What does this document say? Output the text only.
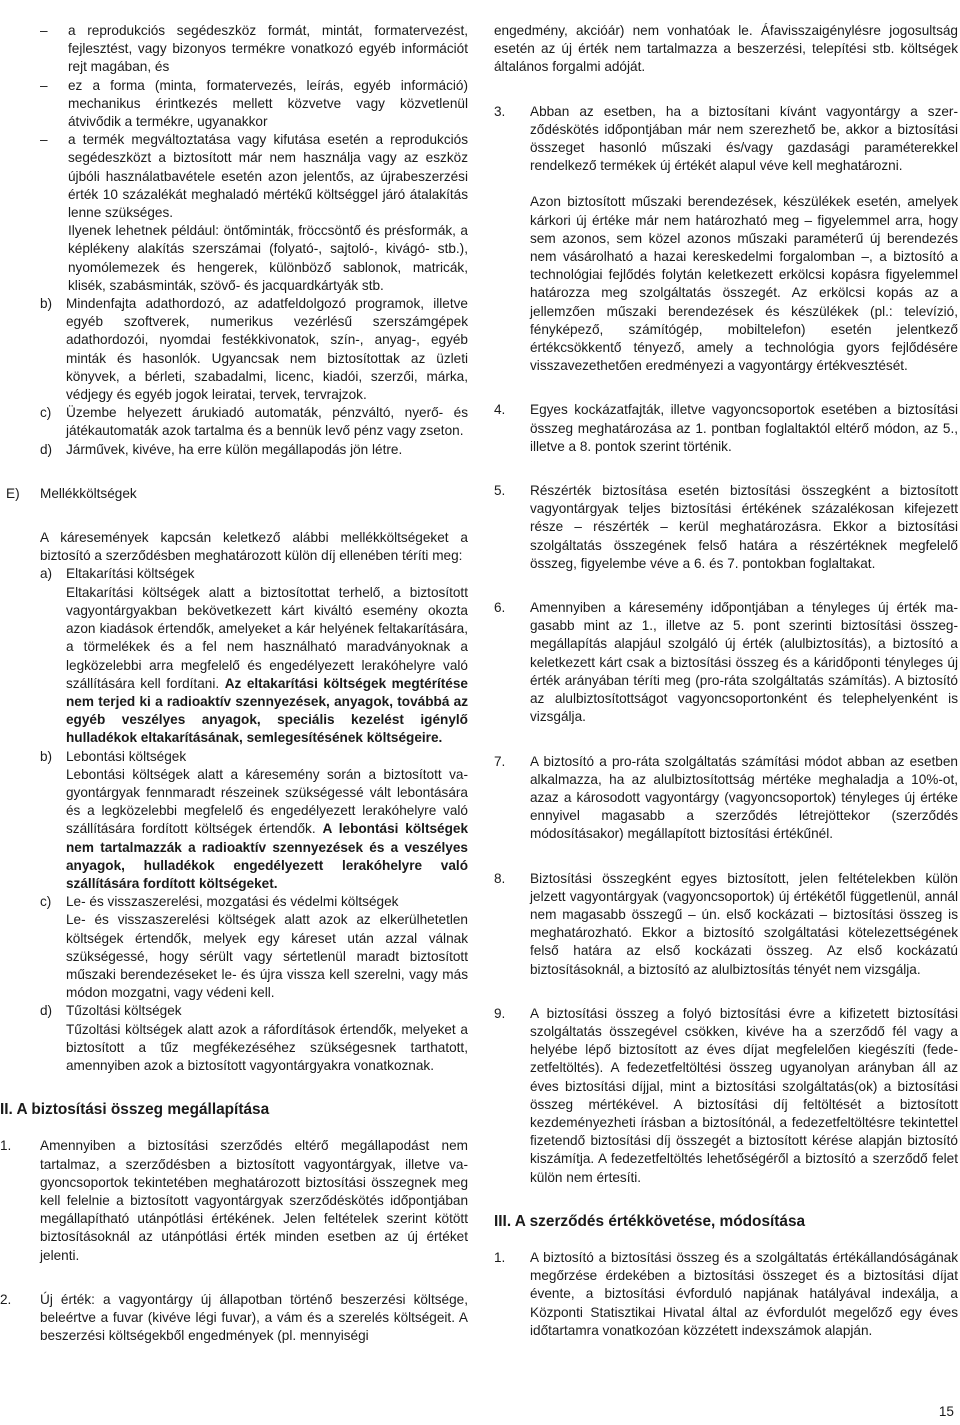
– a reprodukciós segédeszköz formát, mintát, formatervezést, fejlesztést, vagy bizonyos termékre vonatkozó egyéb információt rejt magában, és

– ez a forma (minta, formatervezés, leírás, egyéb információ) mechanikus érintkezés mellett közvetve vagy közvetlenül átvivődik a termékre, ugyanakkor

– a termék megváltoztatása vagy kifutása esetén a reprodukciós segédeszközt a biztosított már nem használja vagy az eszköz újbóli használatbavétele esetén azon jelentős, az újrabeszerzési érték 10 százalékát meghaladó mértékű költséggel járó átalakítás lenne szükséges.

Ilyenek lehetnek például: öntőminták, fröccsöntő és présformák, a képlékeny alakítás szerszámai (folyató-, sajtoló-, kivágó- stb.), nyomólemezek és hengerek, különböző sablonok, matricák, klisék, szabásminták, szövő- és jacquardkártyák stb.

b) Mindenfajta adathordozó, az adatfeldolgozó programok, illetve egyéb szoftverek, numerikus vezérlésű szerszámgépek adathordozói, nyomdai festékkivonatok, szín-, anyag-, egyéb minták és hasonlók. Ugyancsak nem biztosítottak az üzleti könyvek, a bérleti, szabadalmi, licenc, kiadói, szerzői, márka, védjegy és egyéb jogok leiratai, tervek, tervrajzok.

c) Üzembe helyezett árukiadó automaták, pénzváltó, nyerő- és játékautomaták azok tartalma és a bennük levő pénz vagy zseton.

d) Járművek, kivéve, ha erre külön megállapodás jön létre.

E)	Mellékköltségek

A káresemények kapcsán keletkező alábbi mellékköltségeket a biztosító a szerződésben meghatározott külön díj ellenében téríti meg:

a) Eltakarítási költségek

Eltakarítási költségek alatt a biztosítottat terhelő, a biztosított vagyontárgyakban bekövetkezett kárt kiváltó esemény okozta azon kiadások értendők, amelyeket a kár helyének feltakarítására, a törmelékek és a fel nem használható maradványoknak a legközelebbi arra megfelelő és engedélyezett lerakóhelyre való szállítására kell fordítani. Az eltakarítási költségek megtérítése nem terjed ki a radioaktív szennyezések, anyagok, továbbá az egyéb veszélyes anyagok, speciális kezelést igénylő hulladékok eltakarításának, semlegesítésének költségeire.

b) Lebontási költségek

Lebontási költségek alatt a káresemény során a biztosított vagyontárgyak fennmaradt részeinek szükségessé vált lebontására és a legközelebbi megfelelő és engedélyezett lerakóhelyre való szállítására fordított költségek értendők. A lebontási költségek nem tartalmazzák a radioaktív szennyezések és a veszélyes anyagok, hulladékok engedélyezett lerakóhelyre való szállítására fordított költségeket.

c) Le- és visszaszerelési, mozgatási és védelmi költségek

Le- és visszaszerelési költségek alatt azok az elkerülhetetlen költségek értendők, melyek egy káreset után azzal válnak szükségessé, hogy sérült vagy sértetlenül maradt biztosított műszaki berendezéseket le- és újra vissza kell szerelni, vagy más módon mozgatni, vagy védeni kell.

d) Tűzoltási költségek

Tűzoltási költségek alatt azok a ráfordítások értendők, melyeket a biztosított a tűz megfékezéséhez szükségesnek tarthatott, amennyiben azok a biztosított vagyontárgyakra vonatkoznak.

II. A biztosítási összeg megállapítása

1. Amennyiben a biztosítási szerződés eltérő megállapodást nem tartalmaz, a szerződésben a biztosított vagyontárgyak, illetve vagyoncsoportok tekintetében meghatározott biztosítási összegnek meg kell felelnie a biztosított vagyontárgyak szerződéskötés időpontjában megállapítható utánpótlási értékének. Jelen feltételek szerint kötött biztosításoknál az utánpótlási érték minden esetben az új értéket jelenti.

2. Új érték: a vagyontárgy új állapotban történő beszerzési költsége, beleértve a fuvar (kivéve légi fuvar), a vám és a szerelés költségeit. A beszerzési költségekből engedmények (pl. mennyiségi

engedmény, akcióár) nem vonhatóak le. Áfavisszaigénylésre jogosultság esetén az új érték nem tartalmazza a beszerzési, telepítési stb. költségek általános forgalmi adóját.

3. Abban az esetben, ha a biztosítani kívánt vagyontárgy a szerződéskötés időpontjában már nem szerezhető be, akkor a biztosítási összeget hasonló műszaki és/vagy gazdasági paraméterekkel rendelkező termékek új értékét alapul véve kell meghatározni.

Azon biztosított műszaki berendezések, készülékek esetén, amelyek kárkori új értéke már nem határozható meg – figyelemmel arra, hogy sem azonos, sem közel azonos műszaki paraméterű új berendezés nem vásárolható a hazai kereskedelmi forgalomban –, a biztosító a technológiai fejlődés folytán keletkezett erkölcsi kopásra figyelemmel határozza meg szolgáltatás összegét. Az erkölcsi kopás az a jellemzően műszaki berendezések és készülékek (pl.: televízió, fényképező, számítógép, mobiltelefon) esetén jelentkező értékcsökkentő tényező, amely a technológia gyors fejlődésére visszavezethetően eredményezi a vagyontárgy értékvesztését.

4. Egyes kockázatfajták, illetve vagyoncsoportok esetében a biztosítási összeg meghatározása az 1. pontban foglaltaktól eltérő módon, az 5., illetve a 8. pontok szerint történik.

5. Részérték biztosítása esetén biztosítási összegként a biztosított vagyontárgyak teljes biztosítási értékének százalékosan kifejezett része – részérték – kerül meghatározásra. Ekkor a biztosítási szolgáltatás összegének felső határa a részértéknek megfelelő összeg, figyelembe véve a 6. és 7. pontokban foglaltakat.

6. Amennyiben a káresemény időpontjában a tényleges új érték magasabb mint az 1., illetve az 5. pont szerinti biztosítási összegmegállapítás alapjául szolgáló új érték (alulbiztosítás), a biztosító a keletkezett kárt csak a biztosítási összeg és a káridőponti tényleges új érték arányában téríti meg (pro-ráta szolgáltatás számítás). A biztosító az alulbiztosítottságot vagyoncsoportonként és telephelyenként is vizsgálja.

7. A biztosító a pro-ráta szolgáltatás számítási módot abban az esetben alkalmazza, ha az alulbiztosítottság mértéke meghaladja a 10%-ot, azaz a károsodott vagyontárgy (vagyoncsoportok) tényleges új értéke ennyivel magasabb a szerződés létrejöttekor (szerződés módosításakor) megállapított biztosítási értékűnél.

8. Biztosítási összegként egyes biztosított, jelen feltételekben külön jelzett vagyontárgyak (vagyoncsoportok) új értékétől függetlenül, annál nem magasabb összegű – ún. első kockázati – biztosítási összeg is meghatározható. Ekkor a biztosító szolgáltatási kötelezettségének felső határa az első kockázati összeg. Az első kockázatú biztosításoknál, a biztosító az alulbiztosítás tényét nem vizsgálja.

9. A biztosítási összeg a folyó biztosítási évre a kifizetett biztosítási szolgáltatás összegével csökken, kivéve ha a szerződő fél vagy a helyébe lépő biztosított az éves díjat megfelelően kiegészíti (fedezetfeltöltés). A fedezetfeltöltési összeg ugyanolyan arányban áll az éves biztosítási díjjal, mint a biztosítási szolgáltatás(ok) a biztosítási összeg mértékével. A biztosítási díj feltöltését a biztosított kezdeményezheti írásban a biztosítónál, a fedezetfeltöltésre tekintettel fizetendő biztosítási díj összegét a biztosított kérése alapján biztosító kiszámítja. A fedezetfeltöltés lehetőségéről a biztosító a szerződő felet külön nem értesíti.

III. A szerződés értékkövetése, módosítása

1. A biztosító a biztosítási összeg és a szolgáltatás értékállandóságának megőrzése érdekében a biztosítási összeget és a biztosítási díjat évente, a biztosítási évforduló napjának hatályával indexálja, a Központi Statisztikai Hivatal által az évfordulót megelőző egy éves időtartamra vonatkozóan közzétett indexszámok alapján.

15
